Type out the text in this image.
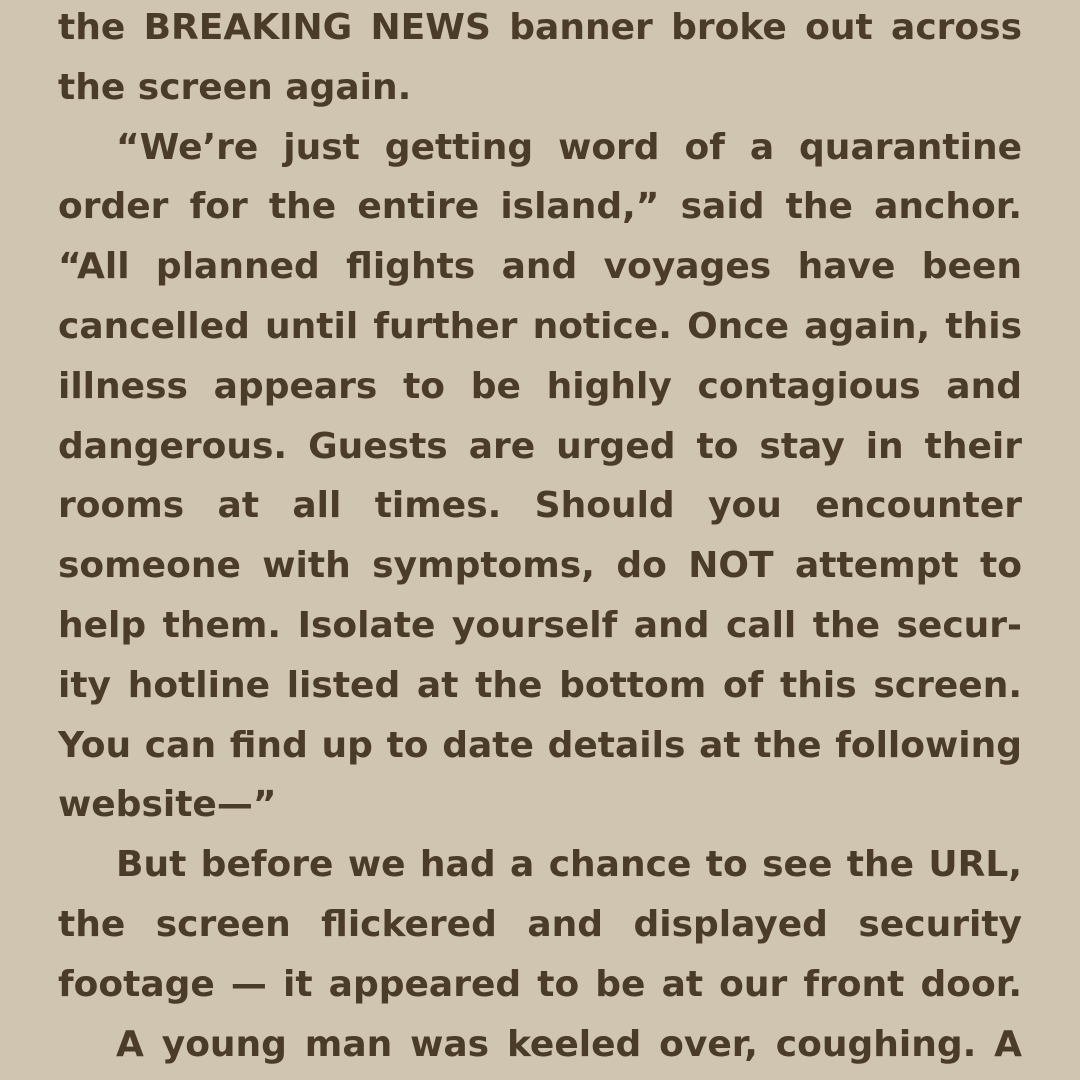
the BREAKING NEWS banner broke out across
the screen again.
“We’re just getting word of a quarantine
order for the entire island,” said the anchor.
“All planned flights and voyages have been
cancelled until further notice. Once again, this
illness appears to be highly contagious and
dangerous. Guests are urged to stay in their
rooms at all times. Should you encounter
someone with symptoms, do NOT attempt to
help them. Isolate yourself and call the secur-
ity hotline listed at the bottom of this screen.
You can find up to date details at the following
website—”
But before we had a chance to see the URL,
the screen flickered and displayed security
footage — it appeared to be at our front door.
A young man was keeled over, coughing. A
